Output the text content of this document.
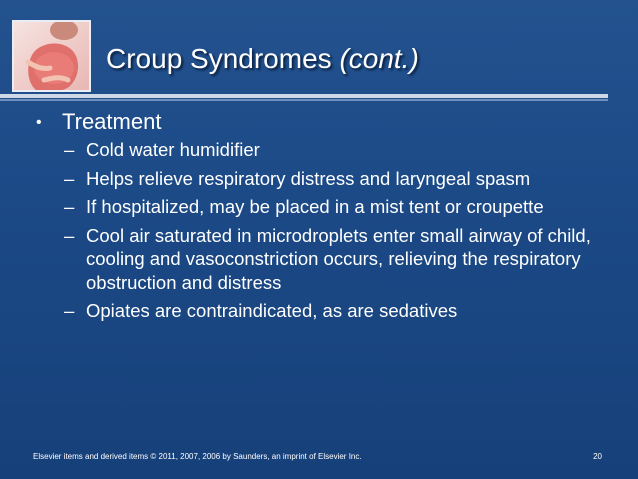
Croup Syndromes (cont.)
• Treatment
– Cold water humidifier
– Helps relieve respiratory distress and laryngeal spasm
– If hospitalized, may be placed in a mist tent or croupette
– Cool air saturated in microdroplets enter small airway of child, cooling and vasoconstriction occurs, relieving the respiratory obstruction and distress
– Opiates are contraindicated, as are sedatives
Elsevier items and derived items © 2011, 2007, 2006 by Saunders, an imprint of Elsevier Inc.	20
